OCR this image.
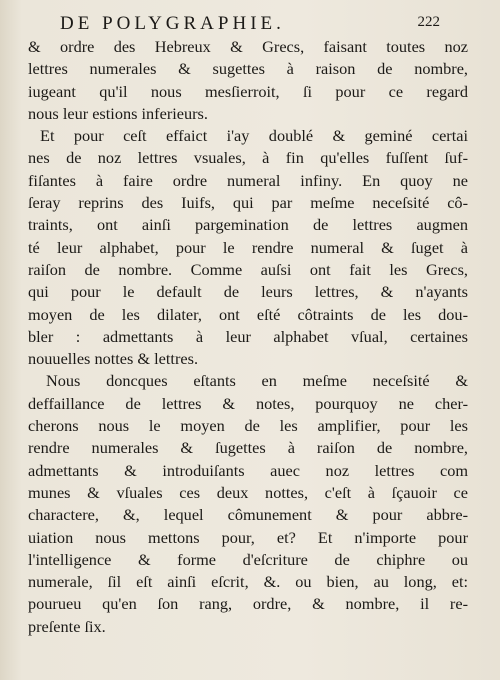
DE POLYGRAPHIE.	222
& ordre des Hebreux & Grecs, faisant toutes noz
lettres numerales & sugettes à raison de nombre,
iugeant qu'il nous mesſierroit, ſi pour ce regard
nous leur estions inferieurs.
Et pour ceſt effaict i'ay doublé & geminé certai
nes de noz lettres vsuales, à fin qu'elles fuſſent ſuf-
fiſantes à faire ordre numeral infiny. En quoy ne
ſeray reprins des Iuifs, qui par meſme neceſsité cô-
traints, ont ainſi pargemination de lettres augmen
té leur alphabet, pour le rendre numeral & ſuget à
raiſon de nombre. Comme auſsi ont fait les Grecs,
qui pour le default de leurs lettres, & n'ayants
moyen de les dilater, ont eſté côtraints de les dou-
bler : admettants à leur alphabet vſual, certaines
nouuelles nottes & lettres.
Nous doncques eſtants en meſme neceſsité &
deffaillance de lettres & notes, pourquoy ne cher-
cherons nous le moyen de les amplifier, pour les
rendre numerales & ſugettes à raiſon de nombre,
admettants & introduiſants auec noz lettres com
munes & vſuales ces deux nottes, c'eſt à ſçauoir ce
charactere, &, lequel cômunement & pour abbre-
uiation nous mettons pour, et? Et n'importe pour
l'intelligence & forme d'eſcriture de chiphre ou
numerale, ſil eſt ainſi eſcrit, &. ou bien, au long, et:
pourueu qu'en ſon rang, ordre, & nombre, il re-
preſente ſix.
